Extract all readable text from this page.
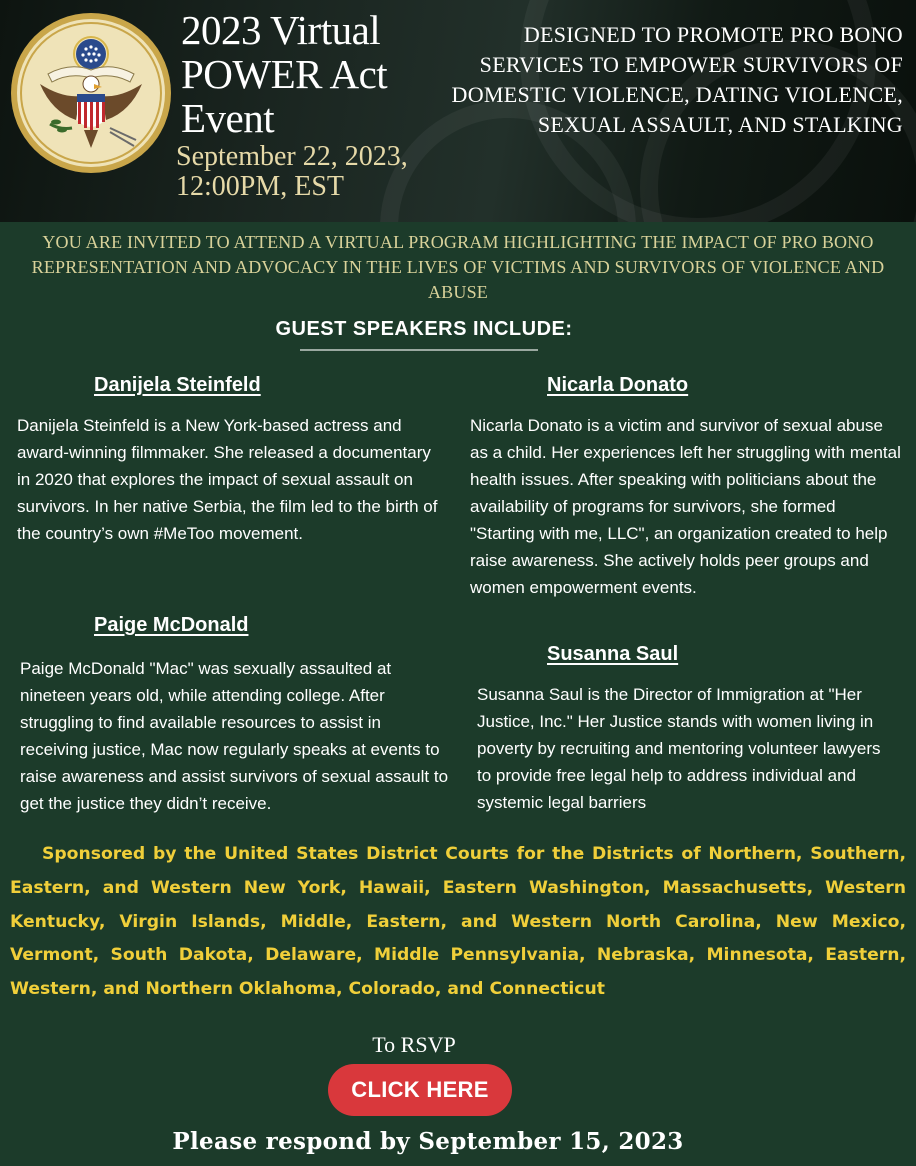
2023 Virtual POWER Act Event
September 22, 2023, 12:00PM, EST
DESIGNED TO PROMOTE PRO BONO SERVICES TO EMPOWER SURVIVORS OF DOMESTIC VIOLENCE, DATING VIOLENCE, SEXUAL ASSAULT, AND STALKING
YOU ARE INVITED TO ATTEND A VIRTUAL PROGRAM HIGHLIGHTING THE IMPACT OF PRO BONO REPRESENTATION AND ADVOCACY IN THE LIVES OF VICTIMS AND SURVIVORS OF VIOLENCE AND ABUSE
GUEST SPEAKERS INCLUDE:
Danijela Steinfeld
Danijela Steinfeld is a New York-based actress and award-winning filmmaker. She released a documentary in 2020 that explores the impact of sexual assault on survivors. In her native Serbia, the film led to the birth of the country’s own #MeToo movement.
Nicarla Donato
Nicarla Donato is a victim and survivor of sexual abuse as a child. Her experiences left her struggling with mental health issues. After speaking with politicians about the availability of programs for survivors, she formed "Starting with me, LLC", an organization created to help raise awareness. She actively holds peer groups and women empowerment events.
Paige McDonald
Paige McDonald "Mac" was sexually assaulted at nineteen years old, while attending college. After struggling to find available resources to assist in receiving justice, Mac now regularly speaks at events to raise awareness and assist survivors of sexual assault to get the justice they didn’t receive.
Susanna Saul
Susanna Saul is the Director of Immigration at "Her Justice, Inc." Her Justice stands with women living in poverty by recruiting and mentoring volunteer lawyers to provide free legal help to address individual and systemic legal barriers
Sponsored by the United States District Courts for the Districts of Northern, Southern, Eastern, and Western New York, Hawaii, Eastern Washington, Massachusetts, Western Kentucky, Virgin Islands, Middle, Eastern, and Western North Carolina, New Mexico, Vermont, South Dakota, Delaware, Middle Pennsylvania, Nebraska, Minnesota, Eastern, Western, and Northern Oklahoma, Colorado, and Connecticut
To RSVP
CLICK HERE
Please respond by September 15, 2023
